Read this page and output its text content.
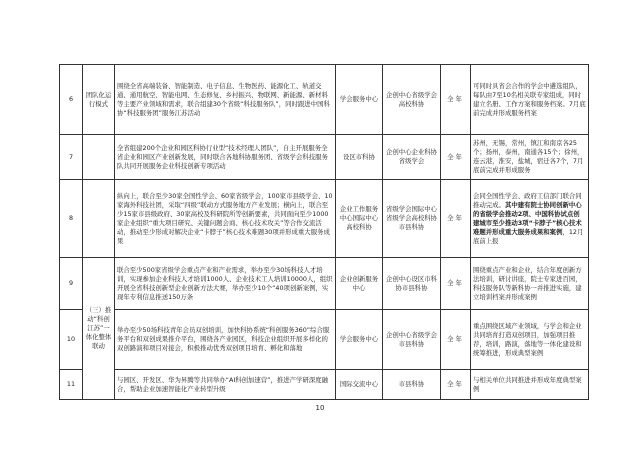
6	团队化运行模式	围绕全省高端装备、智能制造、电子信息、生物医药、能源化工、轨道交通、通用航空、智能电网、生态修复、乡村振兴、物联网、新能源、新材料等主要产业领域和需求，联合组建30个省级“科技服务队”，同时跟进中国科协“科技服务团”服务江苏活动	学会服务中心	企创中心省级学会高校科协	全年	可同时具省会合作的学会中遴选组队，每队由7至10名相关联专家组成，同时建立名册、工作方案和服务档案。7月底前完成并形成服务档案
7		全省组建200个企业和园区科协行业型“技术经理人团队”，自主开展服务全省企业和园区产业创新发展，同时联合各地科协服务团、省级学会科技服务队共同开展服务企业科技创新专项活动	设区市科协	企创中心企业科协省级学会	全年	苏州，无锡，常州，镇江和南京各25个；扬州，泰州，南通各15个；徐州，连云港，淮安，盐城，宿迁各7个，7月底前完成并形成服务
8		纵向上，联合至少30家全国性学会、60家省级学会，100家市县级学会、10家海外科技社团，采取“四级”联动方式服务地方产业发展；横向上，联合至少15家市县级政府、30家高校及科研院所等创新要素，共同面向至少1000家企业组织“重大项目研究、关键问题会商、核心技术攻关”等合作交流活动，推动至少形成对解决企业“卡脖子”核心技术难题30项并形成重大服务成果	企业工作服务中心国际中心高校科协	省级学会国际中心省级学会高校科协市县科协	全年	会同全国性学会、政府工信部门联合同推动完成。其中建有院士协同创新中心的省级学会推动2项、中国科协试点创建城市至少推动3项“卡脖子”核心技术难题并形成重大服务成果和案例，12月底前上报
9	（三）推动“科创江苏”一体化整体联动	联合至少500家省级学会重点产业和产业需求，举办至少30场科技人才培训，实现参加企业科技人才培训1000人、企业技术工人培训10000人，组织开展全省科技创新型企业创新方法大赛，举办至少10个“40项创新案例，实现年专利信息推送150万条	企业创新服务中心	企创中心设区市科协市县科协	全年	围绕重点产业和企业，结合年度创新方法培训，研讨讲座，院士专家进百园，科技服务队等新科协一并推进实施，建立培训档案并形成案例
10		举办至少50场科技青年会员双创培训，加快科协系统“科创服务360”综合服务平台和双创成果推介平台，围绕各产业园区，科技企业组织开展多样化的双创路演和项目对接会，积极推动优秀双创项目培育、孵化和落地	学会服务中心	企创中心省级学会市县科协	全年	重点围绕区域产业领域，与学会和企业共同培育打造双创项目，加强项目推荐，培训，路演，落地等一体化建设和统筹推进，形成典型案例
11		与园区、开发区、华为昇腾等共同举办“AI科创加速营”，推进产学研深度融合，帮助企业加速智能化产业转型升级	国际交流中心	市县科协	全年	与相关单位共同推进并形成年度典型案例
10
